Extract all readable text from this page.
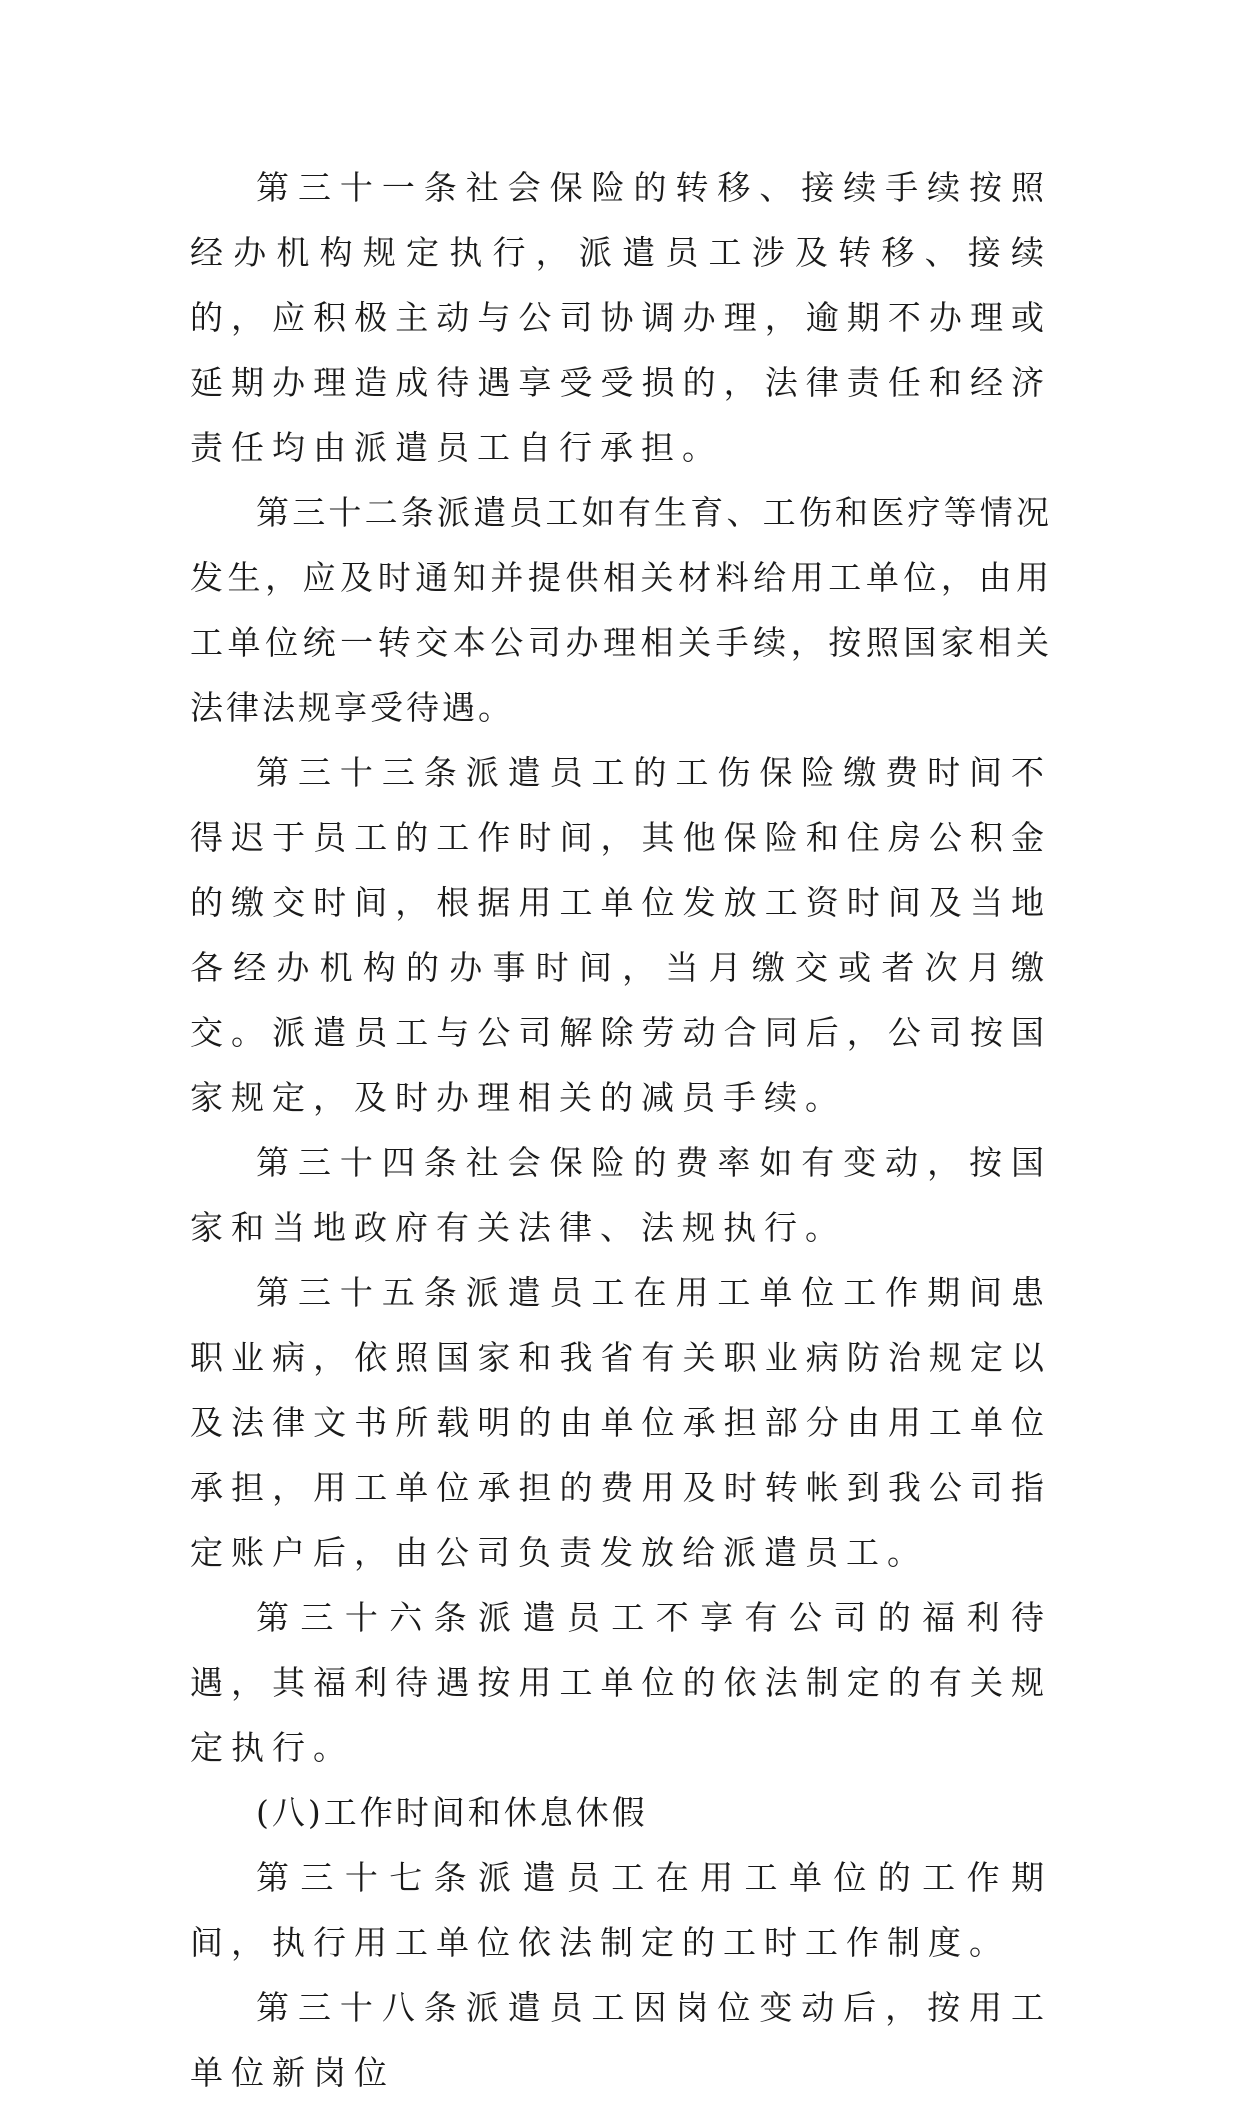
第三十一条社会保险的转移、接续手续按照经办机构规定执行，派遣员工涉及转移、接续的，应积极主动与公司协调办理，逾期不办理或延期办理造成待遇享受受损的，法律责任和经济责任均由派遣员工自行承担。

第三十二条派遣员工如有生育、工伤和医疗等情况发生，应及时通知并提供相关材料给用工单位，由用工单位统一转交本公司办理相关手续，按照国家相关法律法规享受待遇。

第三十三条派遣员工的工伤保险缴费时间不得迟于员工的工作时间，其他保险和住房公积金的缴交时间，根据用工单位发放工资时间及当地各经办机构的办事时间，当月缴交或者次月缴交。派遣员工与公司解除劳动合同后，公司按国家规定，及时办理相关的减员手续。

第三十四条社会保险的费率如有变动，按国家和当地政府有关法律、法规执行。

第三十五条派遣员工在用工单位工作期间患职业病，依照国家和我省有关职业病防治规定以及法律文书所载明的由单位承担部分由用工单位承担，用工单位承担的费用及时转帐到我公司指定账户后，由公司负责发放给派遣员工。

第三十六条派遣员工不享有公司的福利待遇，其福利待遇按用工单位的依法制定的有关规定执行。

(八)工作时间和休息休假

第三十七条派遣员工在用工单位的工作期间，执行用工单位依法制定的工时工作制度。

第三十八条派遣员工因岗位变动后，按用工单位新岗位
